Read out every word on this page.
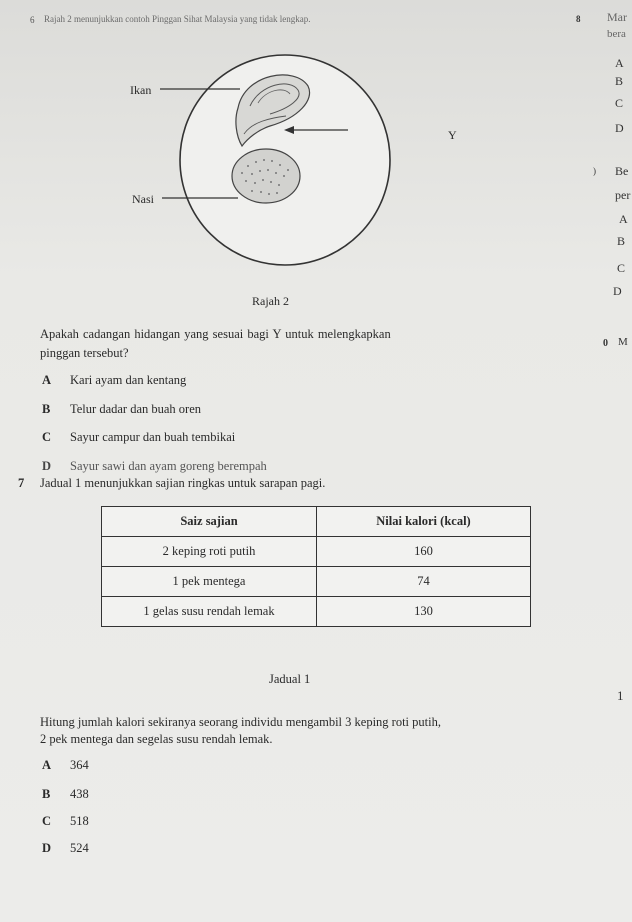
6 Rajah 2 menunjukkan contoh Pinggan Sihat Malaysia yang tidak lengkap.
Ikan
Nasi
Y
Rajah 2
Apakah cadangan hidangan yang sesuai bagi Y untuk melengkapkan
pinggan tersebut?
A Kari ayam dan kentang
B Telur dadar dan buah oren
C Sayur campur dan buah tembikai
D Sayur sawi dan ayam goreng berempah
7 Jadual 1 menunjukkan sajian ringkas untuk sarapan pagi.
Saiz sajian	Nilai kalori (kcal)
2 keping roti putih	160
1 pek mentega	74
1 gelas susu rendah lemak	130
Jadual 1
Hitung jumlah kalori sekiranya seorang individu mengambil 3 keping roti putih,
2 pek mentega dan segelas susu rendah lemak.
A 364
B 438
C 518
D 524
8 Mar
bera
A
B
C
D
) Be
per
A
B
C
D
0 M
1
